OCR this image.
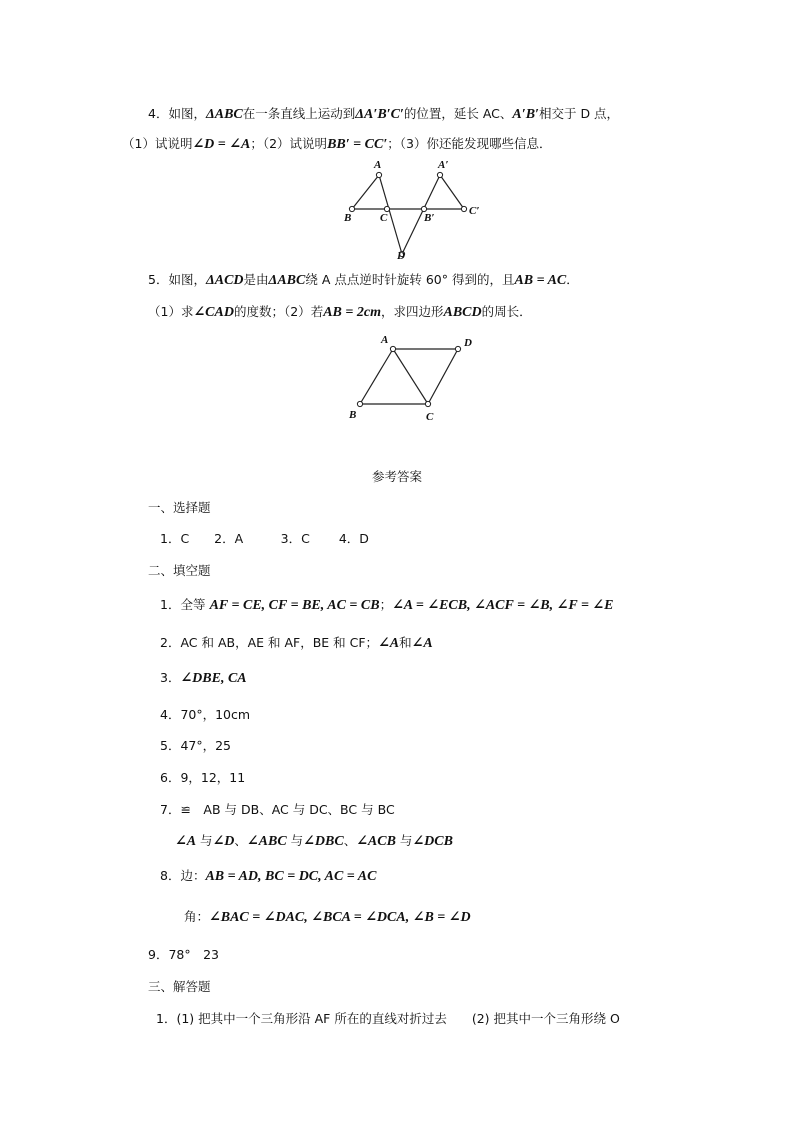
4．如图，ΔABC在一条直线上运动到ΔA′B′C′的位置，延长 AC、A′B′相交于 D 点，
（1）试说明∠D = ∠A；（2）试说明BB′ = CC′；（3）你还能发现哪些信息．
A
B	C
A′
B′
C′
D
5．如图，ΔACD是由ΔABC绕 A 点点逆时针旋转 60° 得到的，且AB = AC．
（1）求∠CAD的度数；（2）若AB = 2cm，求四边形ABCD的周长．
A	D
B	C
参考答案
一、选择题
1．C　　2．A　　　3．C　　 4．D
二、填空题
1．全等 AF = CE, CF = BE, AC = CB；∠A = ∠ECB, ∠ACF = ∠B, ∠F = ∠E
2．AC 和 AB，AE 和 AF，BE 和 CF；∠A和∠A
3．∠DBE, CA
4．70°，10cm
5．47°，25
6．9，12，11
7．≌　AB 与 DB、AC 与 DC、BC 与 BC
∠A 与∠D、∠ABC 与∠DBC、∠ACB 与∠DCB
8．边：AB = AD, BC = DC, AC = AC
角：∠BAC = ∠DAC, ∠BCA = ∠DCA, ∠B = ∠D
9．78°　23
三、解答题
1．(1) 把其中一个三角形沿 AF 所在的直线对折过去　　(2) 把其中一个三角形绕 O
